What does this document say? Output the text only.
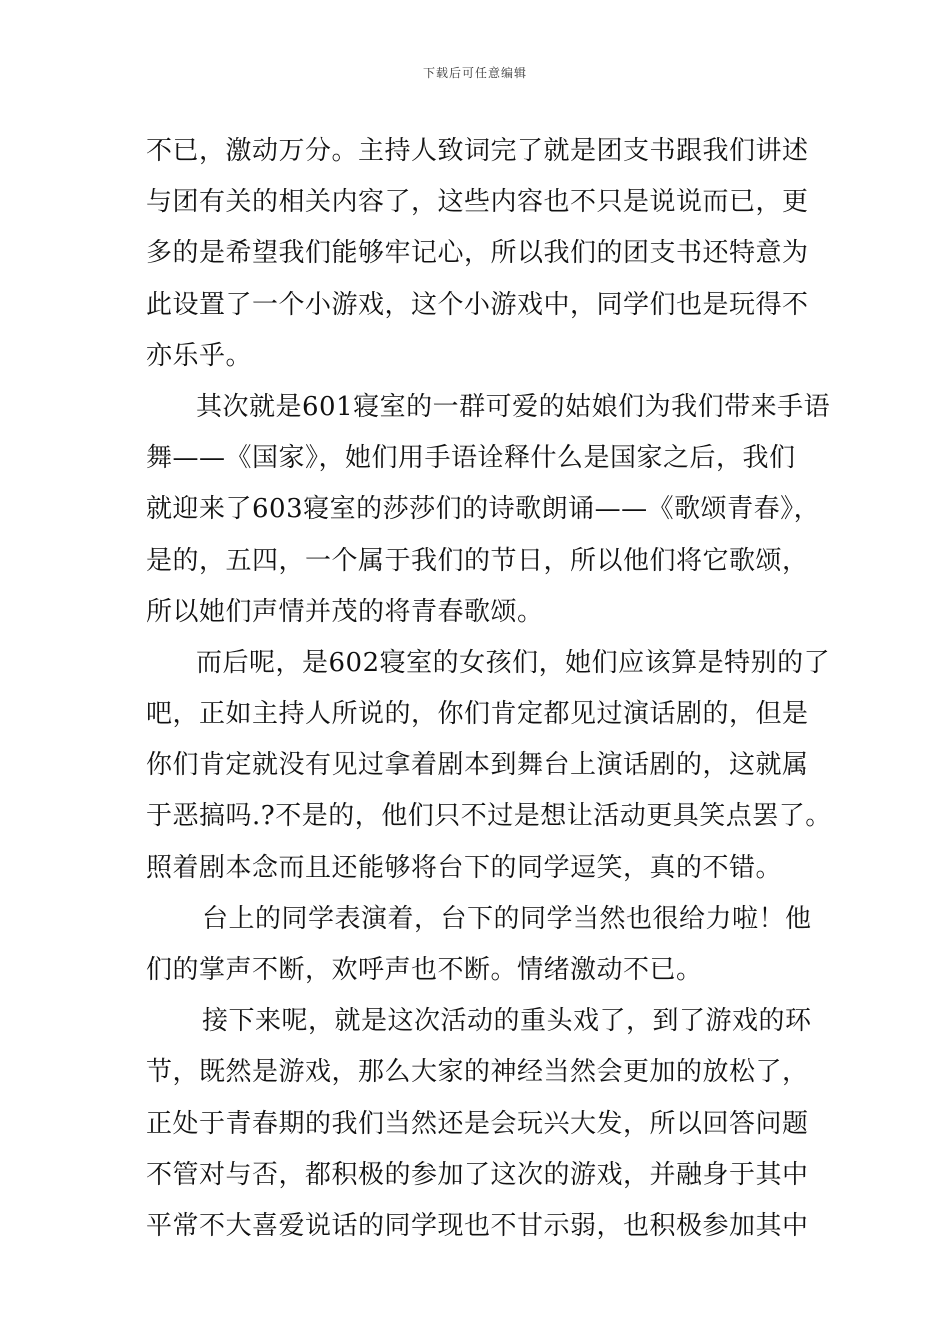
下载后可任意编辑
不已，激动万分。主持人致词完了就是团支书跟我们讲述
与团有关的相关内容了，这些内容也不只是说说而已，更
多的是希望我们能够牢记心，所以我们的团支书还特意为
此设置了一个小游戏，这个小游戏中，同学们也是玩得不
亦乐乎。
其次就是601寝室的一群可爱的姑娘们为我们带来手语
舞——《国家》，她们用手语诠释什么是国家之后，我们
就迎来了603寝室的莎莎们的诗歌朗诵——《歌颂青春》，
是的，五四，一个属于我们的节日，所以他们将它歌颂，
所以她们声情并茂的将青春歌颂。
而后呢，是602寝室的女孩们，她们应该算是特别的了
吧，正如主持人所说的，你们肯定都见过演话剧的，但是
你们肯定就没有见过拿着剧本到舞台上演话剧的，这就属
于恶搞吗.?不是的，他们只不过是想让活动更具笑点罢了。
照着剧本念而且还能够将台下的同学逗笑，真的不错。
台上的同学表演着，台下的同学当然也很给力啦！他
们的掌声不断，欢呼声也不断。情绪激动不已。
接下来呢，就是这次活动的重头戏了，到了游戏的环
节，既然是游戏，那么大家的神经当然会更加的放松了，
正处于青春期的我们当然还是会玩兴大发，所以回答问题
不管对与否，都积极的参加了这次的游戏，并融身于其中
平常不大喜爱说话的同学现也不甘示弱，也积极参加其中
